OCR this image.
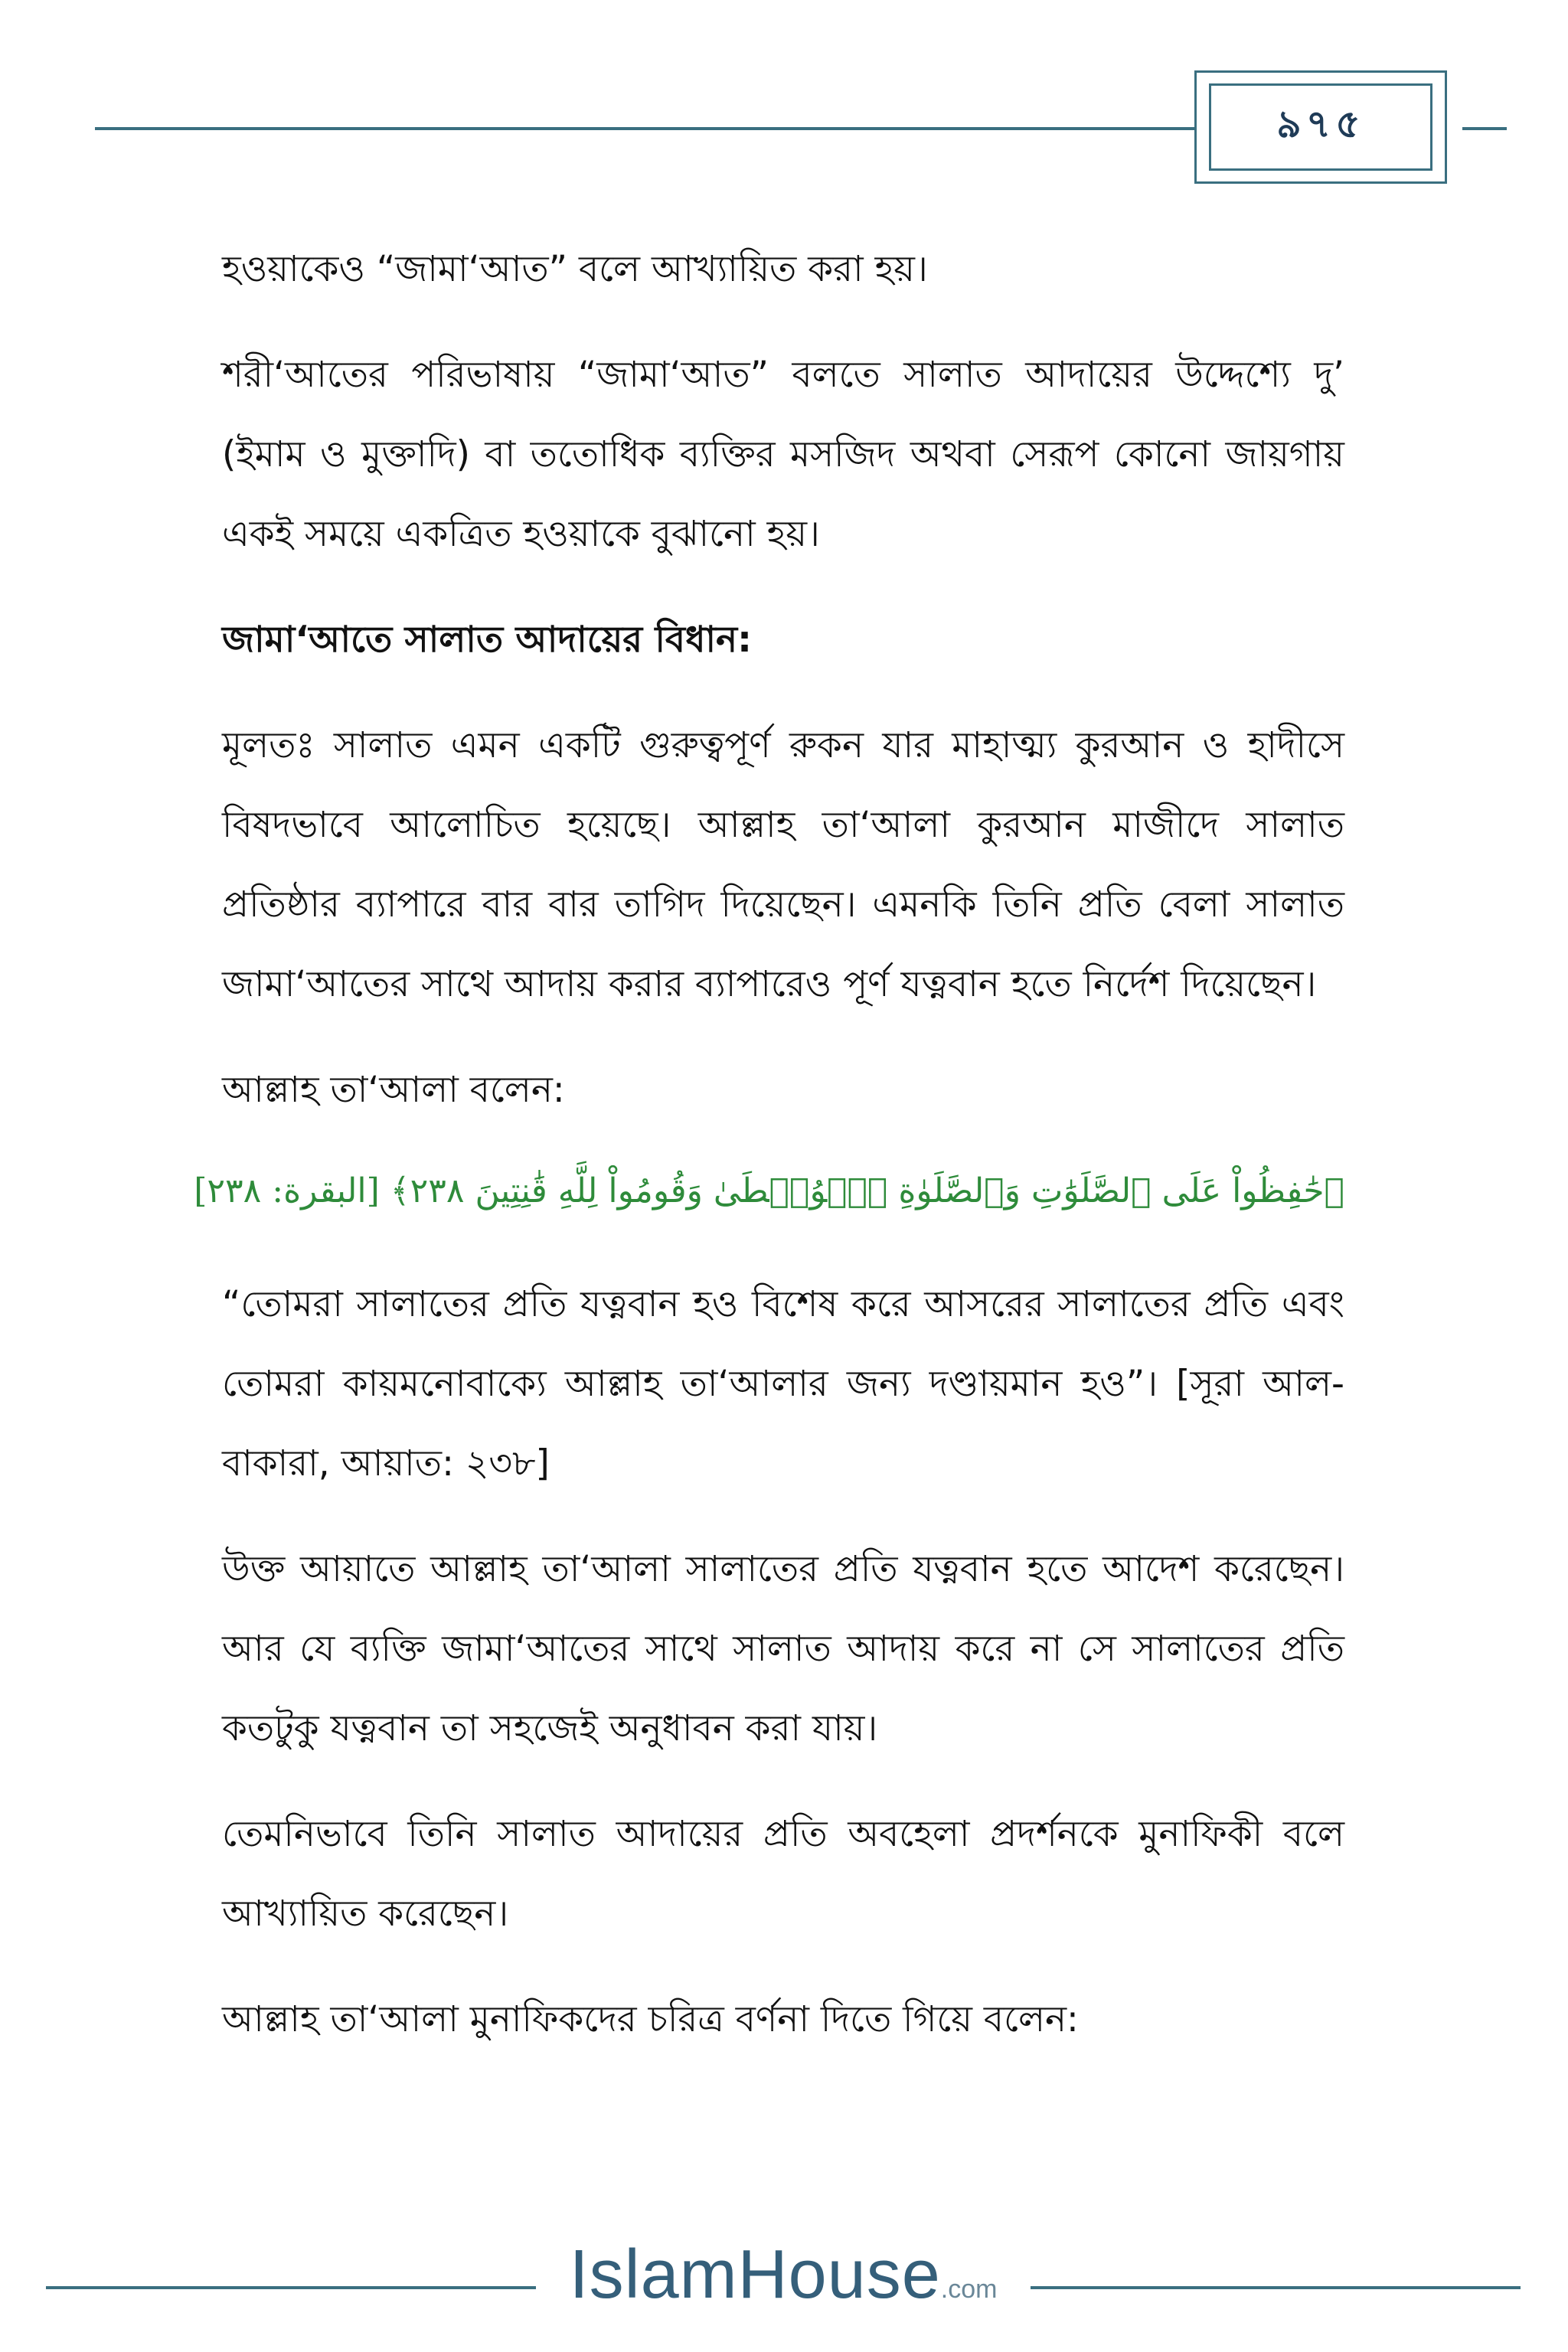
৯৭৫

হওয়াকেও “জামা‘আত” বলে আখ্যায়িত করা হয়।

শরী‘আতের পরিভাষায় “জামা‘আত” বলতে সালাত আদায়ের উদ্দেশ্যে দু’ (ইমাম ও মুক্তাদি) বা ততোধিক ব্যক্তির মসজিদ অথবা সেরূপ কোনো জায়গায় একই সময়ে একত্রিত হওয়াকে বুঝানো হয়।

জামা‘আতে সালাত আদায়ের বিধান:

মূলতঃ সালাত এমন একটি গুরুত্বপূর্ণ রুকন যার মাহাত্ম্য কুরআন ও হাদীসে বিষদভাবে আলোচিত হয়েছে। আল্লাহ তা‘আলা কুরআন মাজীদে সালাত প্রতিষ্ঠার ব্যাপারে বার বার তাগিদ দিয়েছেন। এমনকি তিনি প্রতি বেলা সালাত জামা‘আতের সাথে আদায় করার ব্যাপারেও পূর্ণ যত্নবান হতে নির্দেশ দিয়েছেন।

আল্লাহ তা‘আলা বলেন:

﴿حَٰفِظُواْ عَلَى ٱلصَّلَوَٰتِ وَٱلصَّلَوٰةِ ٱلۡوُسۡطَىٰ وَقُومُواْ لِلَّهِ قَٰنِتِينَ ٢٣٨﴾ [البقرة: ٢٣٨]

“তোমরা সালাতের প্রতি যত্নবান হও বিশেষ করে আসরের সালাতের প্রতি এবং তোমরা কায়মনোবাক্যে আল্লাহ তা‘আলার জন্য দণ্ডায়মান হও”। [সূরা আল-বাকারা, আয়াত: ২৩৮]

উক্ত আয়াতে আল্লাহ তা‘আলা সালাতের প্রতি যত্নবান হতে আদেশ করেছেন। আর যে ব্যক্তি জামা‘আতের সাথে সালাত আদায় করে না সে সালাতের প্রতি কতটুকু যত্নবান তা সহজেই অনুধাবন করা যায়।

তেমনিভাবে তিনি সালাত আদায়ের প্রতি অবহেলা প্রদর্শনকে মুনাফিকী বলে আখ্যায়িত করেছেন।

আল্লাহ তা‘আলা মুনাফিকদের চরিত্র বর্ণনা দিতে গিয়ে বলেন:

IslamHouse .com
